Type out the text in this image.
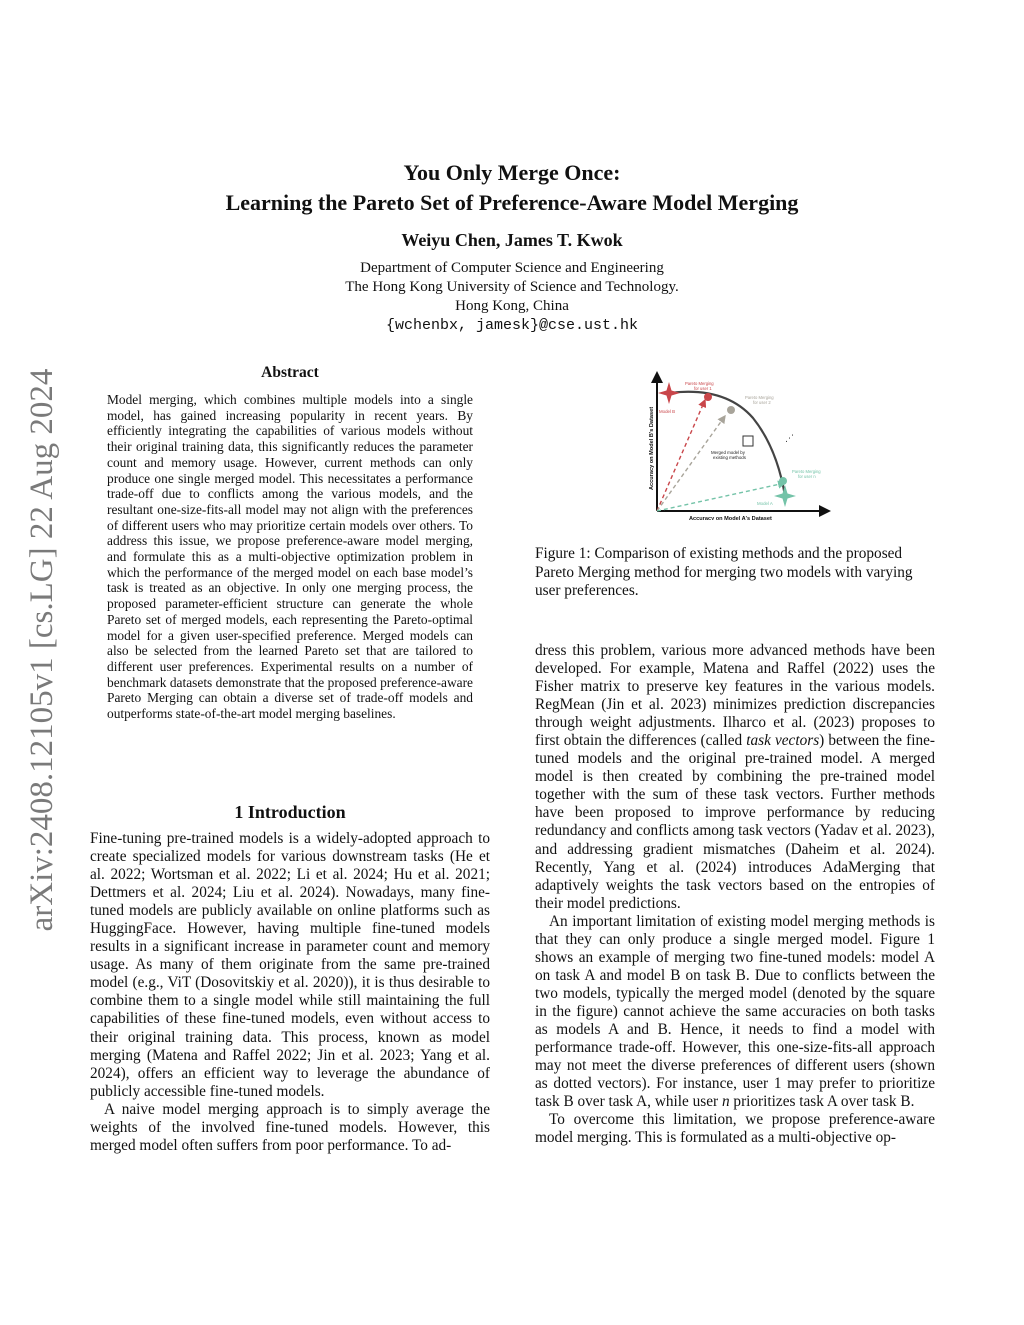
You Only Merge Once:
Learning the Pareto Set of Preference-Aware Model Merging
Weiyu Chen, James T. Kwok
Department of Computer Science and Engineering
The Hong Kong University of Science and Technology.
Hong Kong, China
{wchenbx, jamesk}@cse.ust.hk
arXiv:2408.12105v1 [cs.LG] 22 Aug 2024	Abstract
Model merging, which combines multiple models into a single model, has gained increasing popularity in recent years. By efficiently integrating the capabilities of various models without their original training data, this significantly reduces the parameter count and memory usage. However, current methods can only produce one single merged model. This necessitates a performance trade-off due to conflicts among the various models, and the resultant one-size-fits-all model may not align with the preferences of different users who may prioritize certain models over others. To address this issue, we propose preference-aware model merging, and formulate this as a multi-objective optimization problem in which the performance of the merged model on each base model’s task is treated as an objective. In only one merging process, the proposed parameter-efficient structure can generate the whole Pareto set of merged models, each representing the Pareto-optimal model for a given user-specified preference. Merged models can also be selected from the learned Pareto set that are tailored to different user preferences. Experimental results on a number of benchmark datasets demonstrate that the proposed preference-aware Pareto Merging can obtain a diverse set of trade-off models and outperforms state-of-the-art model merging baselines.
1 Introduction

Fine-tuning pre-trained models is a widely-adopted approach to create specialized models for various downstream tasks (He et al. 2022; Wortsman et al. 2022; Li et al. 2024; Hu et al. 2021; Dettmers et al. 2024; Liu et al. 2024). Nowadays, many fine-tuned models are publicly available on online platforms such as HuggingFace. However, having multiple fine-tuned models results in a significant increase in parameter count and memory usage. As many of them originate from the same pre-trained model (e.g., ViT (Dosovitskiy et al. 2020)), it is thus desirable to combine them to a single model while still maintaining the full capabilities of these fine-tuned models, even without access to their original training data. This process, known as model merging (Matena and Raffel 2022; Jin et al. 2023; Yang et al. 2024), offers an efficient way to leverage the abundance of publicly accessible fine-tuned models.

A naive model merging approach is to simply average the weights of the involved fine-tuned models. However, this merged model often suffers from poor performance. To ad-

Accuracy on Model B's Dataset
Accuracy on Model A's Dataset
Model B
Model A
Pareto Merging
for user 1
Pareto Merging
for user 2
Pareto Merging
for user n
Merged model by
existing methods
⋰
Figure 1: Comparison of existing methods and the proposed Pareto Merging method for merging two models with varying user preferences.

dress this problem, various more advanced methods have been developed. For example, Matena and Raffel (2022) uses the Fisher matrix to preserve key features in the various models. RegMean (Jin et al. 2023) minimizes prediction discrepancies through weight adjustments. Ilharco et al. (2023) proposes to first obtain the differences (called task vectors) between the fine-tuned models and the original pre-trained model. A merged model is then created by combining the pre-trained model together with the sum of these task vectors. Further methods have been proposed to improve performance by reducing redundancy and conflicts among task vectors (Yadav et al. 2023), and addressing gradient mismatches (Daheim et al. 2024). Recently, Yang et al. (2024) introduces AdaMerging that adaptively weights the task vectors based on the entropies of their model predictions.

An important limitation of existing model merging methods is that they can only produce a single merged model. Figure 1 shows an example of merging two fine-tuned models: model A on task A and model B on task B. Due to conflicts between the two models, typically the merged model (denoted by the square in the figure) cannot achieve the same accuracies on both tasks as models A and B. Hence, it needs to find a model with performance trade-off. However, this one-size-fits-all approach may not meet the diverse preferences of different users (shown as dotted vectors). For instance, user 1 may prefer to prioritize task B over task A, while user n prioritizes task A over task B.

To overcome this limitation, we propose preference-aware model merging. This is formulated as a multi-objective op-
